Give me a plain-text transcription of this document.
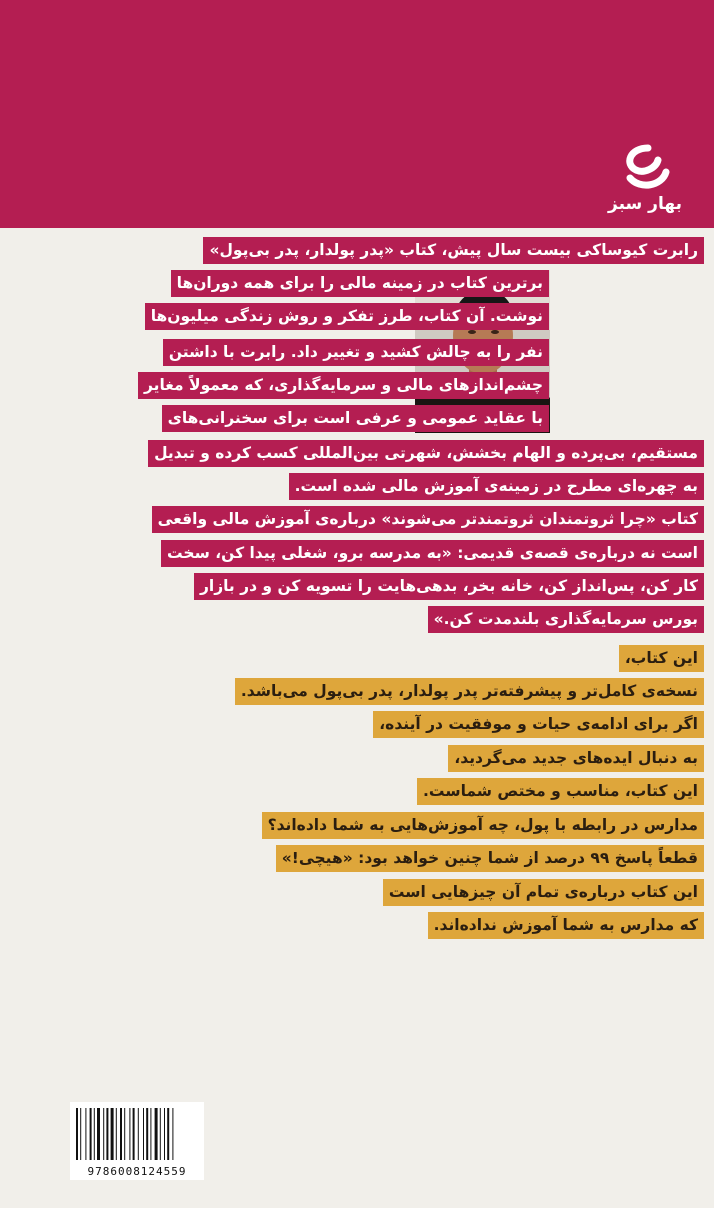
بهار سبز
رابرت کیوساکی بیست سال پیش، کتاب «پدر پولدار، پدر بی‌پول»
برترین کتاب در زمینه مالی را برای همه دوران‌ها
نوشت. آن کتاب، طرز تفکر و روش زندگی میلیون‌ها
نفر را به چالش کشید و تغییر داد. رابرت با داشتن
چشم‌اندازهای مالی و سرمایه‌گذاری، که معمولاً مغایر
با عقاید عمومی و عرفی است برای سخنرانی‌های
مستقیم، بی‌پرده و الهام بخشش، شهرتی بین‌المللی کسب کرده و تبدیل
به چهره‌ای مطرح در زمینه‌ی آموزش مالی شده است.
کتاب «چرا ثروتمندان ثروتمندتر می‌شوند» درباره‌ی آموزش مالی واقعی
است نه درباره‌ی قصه‌ی قدیمی: «به مدرسه برو، شغلی پیدا کن، سخت
کار کن، پس‌انداز کن، خانه بخر، بدهی‌هایت را تسویه کن و در بازار
بورس سرمایه‌گذاری بلندمدت کن.»
این کتاب،
نسخه‌ی کامل‌تر و پیشرفته‌تر پدر پولدار، پدر بی‌پول می‌باشد.
اگر برای ادامه‌ی حیات و موفقیت در آینده،
به دنبال ایده‌های جدید می‌گردید،
این کتاب، مناسب و مختص شماست.
مدارس در رابطه با پول، چه آموزش‌هایی به شما داده‌اند؟
قطعاً پاسخ ۹۹ درصد از شما چنین خواهد بود: «هیچی!»
این کتاب درباره‌ی تمام آن چیزهایی است
که مدارس به شما آموزش نداده‌اند.
9786008124559
